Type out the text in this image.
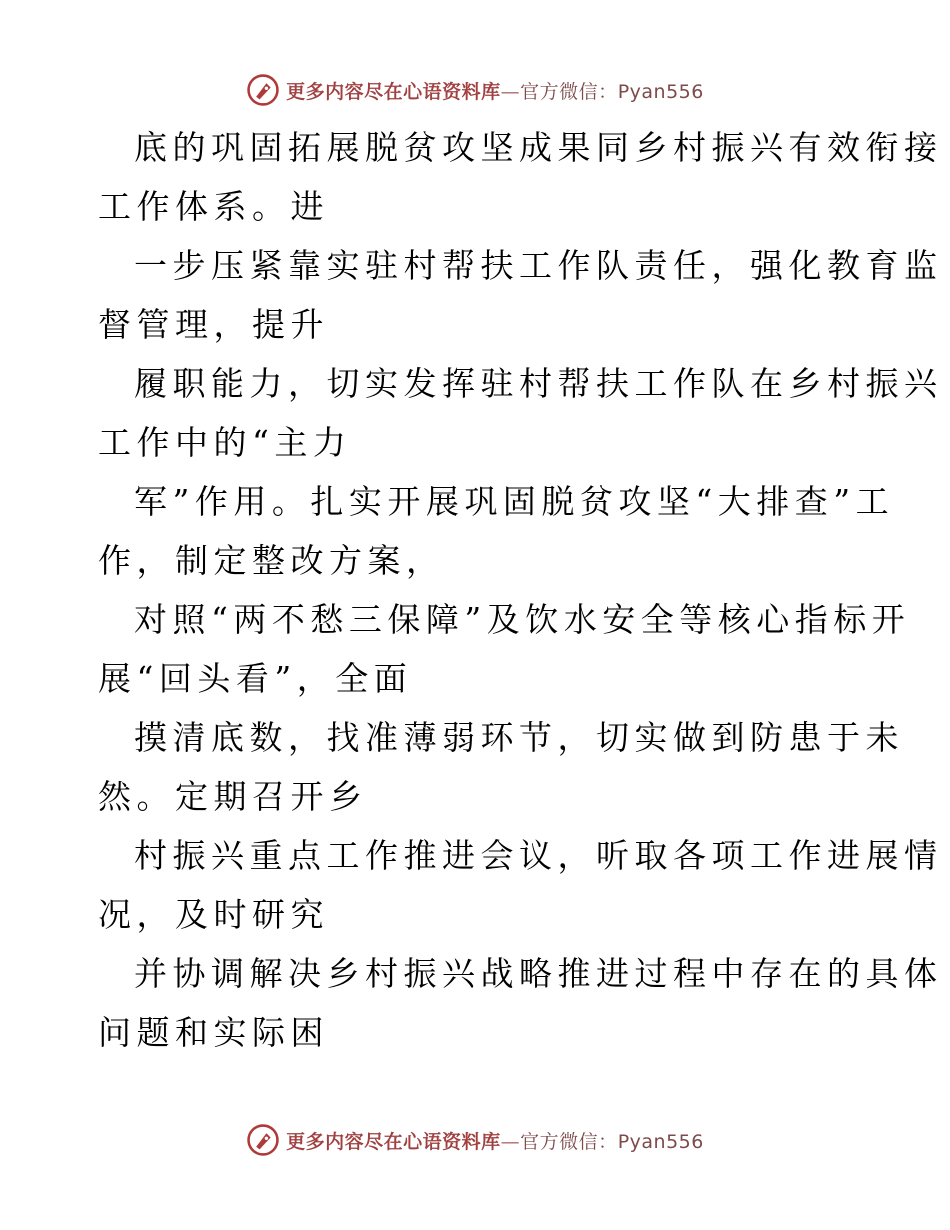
更多内容尽在心语资料库—官方微信：Pyan556
底的巩固拓展脱贫攻坚成果同乡村振兴有效衔接
工作体系。进
一步压紧靠实驻村帮扶工作队责任，强化教育监
督管理，提升
履职能力，切实发挥驻村帮扶工作队在乡村振兴
工作中的“主力
军”作用。扎实开展巩固脱贫攻坚“大排查”工
作，制定整改方案，
对照“两不愁三保障”及饮水安全等核心指标开
展“回头看”，全面
摸清底数，找准薄弱环节，切实做到防患于未
然。定期召开乡
村振兴重点工作推进会议，听取各项工作进展情
况，及时研究
并协调解决乡村振兴战略推进过程中存在的具体
问题和实际困
更多内容尽在心语资料库—官方微信：Pyan556
